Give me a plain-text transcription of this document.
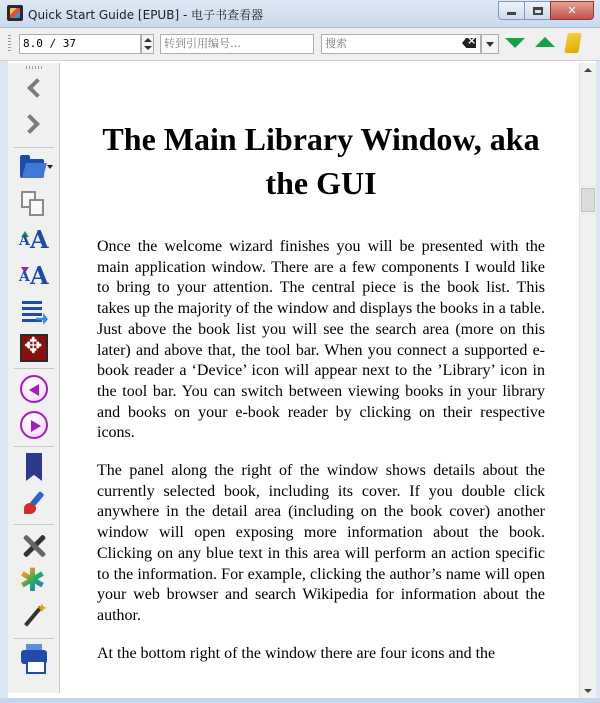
Quick Start Guide [EPUB] - 电子书查看器	✕
8.0 / 37	转到引用编号…	搜索
×
A A
A A
✥
✱
✦
The Main Library Window, aka the GUI

Once the welcome wizard finishes you will be presented with the main application window. There are a few components I would like to bring to your attention. The central piece is the book list. This takes up the majority of the window and displays the books in a table. Just above the book list you will see the search area (more on this later) and above that, the tool bar. When you connect a supported e-book reader a ‘Device’ icon will appear next to the ’Library’ icon in the tool bar. You can switch between viewing books in your library and books on your e-book reader by clicking on their respective icons.

The panel along the right of the window shows details about the currently selected book, including its cover. If you double click anywhere in the detail area (including on the book cover) another window will open exposing more information about the book. Clicking on any blue text in this area will perform an action specific to the information. For example, clicking the author’s name will open your web browser and search Wikipedia for information about the author.

At the bottom right of the window there are four icons and the
